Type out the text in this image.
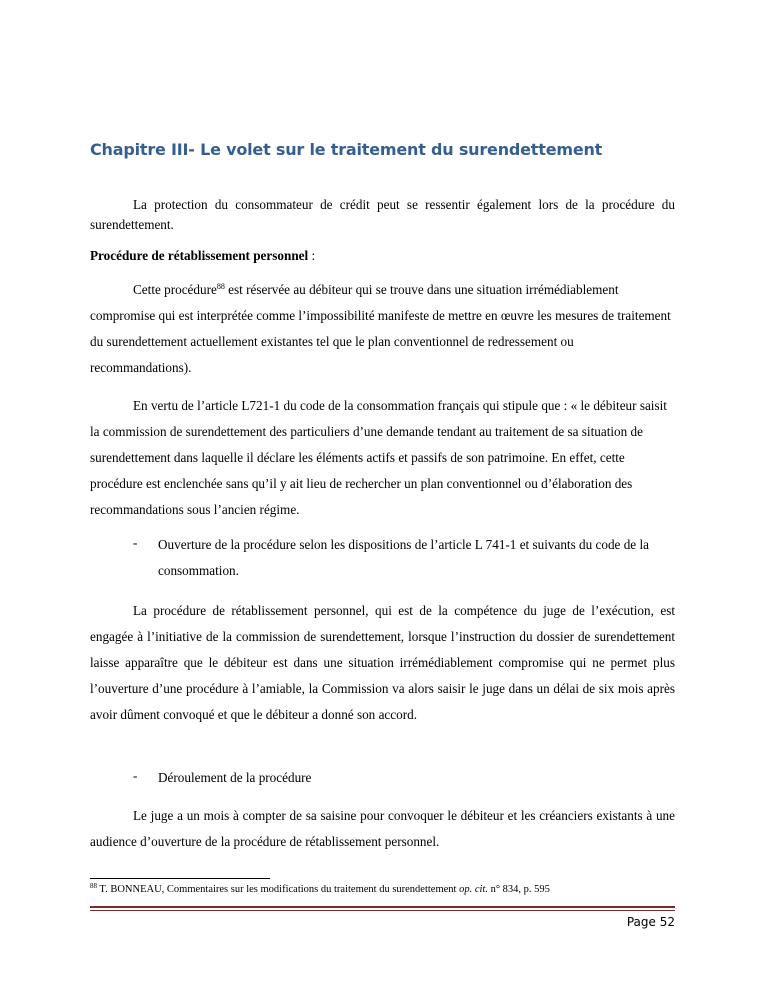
Chapitre III- Le volet sur le traitement du surendettement

La protection du consommateur de crédit peut se ressentir également lors de la procédure du surendettement.

Procédure de rétablissement personnel :

Cette procédure$^{88}$ est réservée au débiteur qui se trouve dans une situation irrémédiablement compromise qui est interprétée comme l’impossibilité manifeste de mettre en œuvre les mesures de traitement du surendettement actuellement existantes tel que le plan conventionnel de redressement ou recommandations).

En vertu de l’article L721-1 du code de la consommation français qui stipule que : « le débiteur saisit la commission de surendettement des particuliers d’une demande tendant au traitement de sa situation de surendettement dans laquelle il déclare les éléments actifs et passifs de son patrimoine. En effet, cette procédure est enclenchée sans qu’il y ait lieu de rechercher un plan conventionnel ou d’élaboration des recommandations sous l’ancien régime.

- Ouverture de la procédure selon les dispositions de l’article L 741-1 et suivants du code de la consommation.

La procédure de rétablissement personnel, qui est de la compétence du juge de l’exécution, est engagée à l’initiative de la commission de surendettement, lorsque l’instruction du dossier de surendettement laisse apparaître que le débiteur est dans une situation irrémédiablement compromise qui ne permet plus l’ouverture d’une procédure à l’amiable, la Commission va alors saisir le juge dans un délai de six mois après avoir dûment convoqué et que le débiteur a donné son accord.

- Déroulement de la procédure

Le juge a un mois à compter de sa saisine pour convoquer le débiteur et les créanciers existants à une audience d’ouverture de la procédure de rétablissement personnel.

$^{88}$ T. BONNEAU, Commentaires sur les modifications du traitement du surendettement op. cit. n° 834, p. 595
Page 52
